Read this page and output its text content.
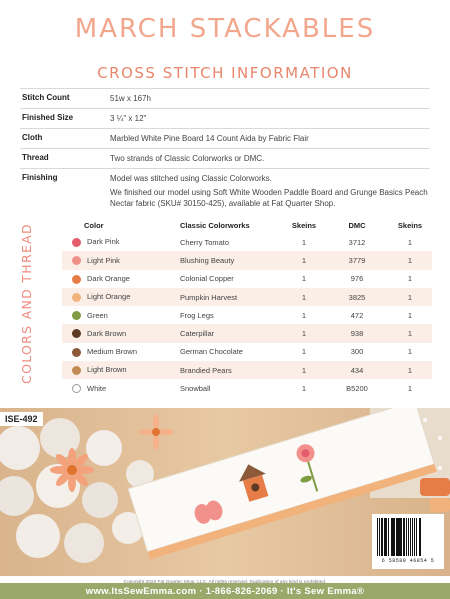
MARCH STACKABLES
CROSS STITCH INFORMATION
Stitch Count	51w x 167h
Finished Size	3 ¼" x 12"
Cloth	Marbled White Pine Board 14 Count Aida by Fabric Flair
Thread	Two strands of Classic Colorworks or DMC.
Finishing	Model was stitched using Classic Colorworks.

We finished our model using Soft White Wooden Paddle Board and Grunge Basics Peach Nectar fabric (SKU# 30150-425), available at Fat Quarter Shop.

COLORS AND THREAD	Color	Classic Colorworks	Skeins	DMC	Skeins
Dark Pink	Cherry Tomato	1	3712	1
Light Pink	Blushing Beauty	1	3779	1
Dark Orange	Colonial Copper	1	976	1
Light Orange	Pumpkin Harvest	1	3825	1
Green	Frog Legs	1	472	1
Dark Brown	Caterpillar	1	938	1
Medium Brown	German Chocolate	1	300	1
Light Brown	Brandied Pears	1	434	1
White	Snowball	1	B5200	1
ISE-492
6 58580 46854 5
www.ItsSewEmma.com · 1-866-826-2069 · It's Sew Emma®
